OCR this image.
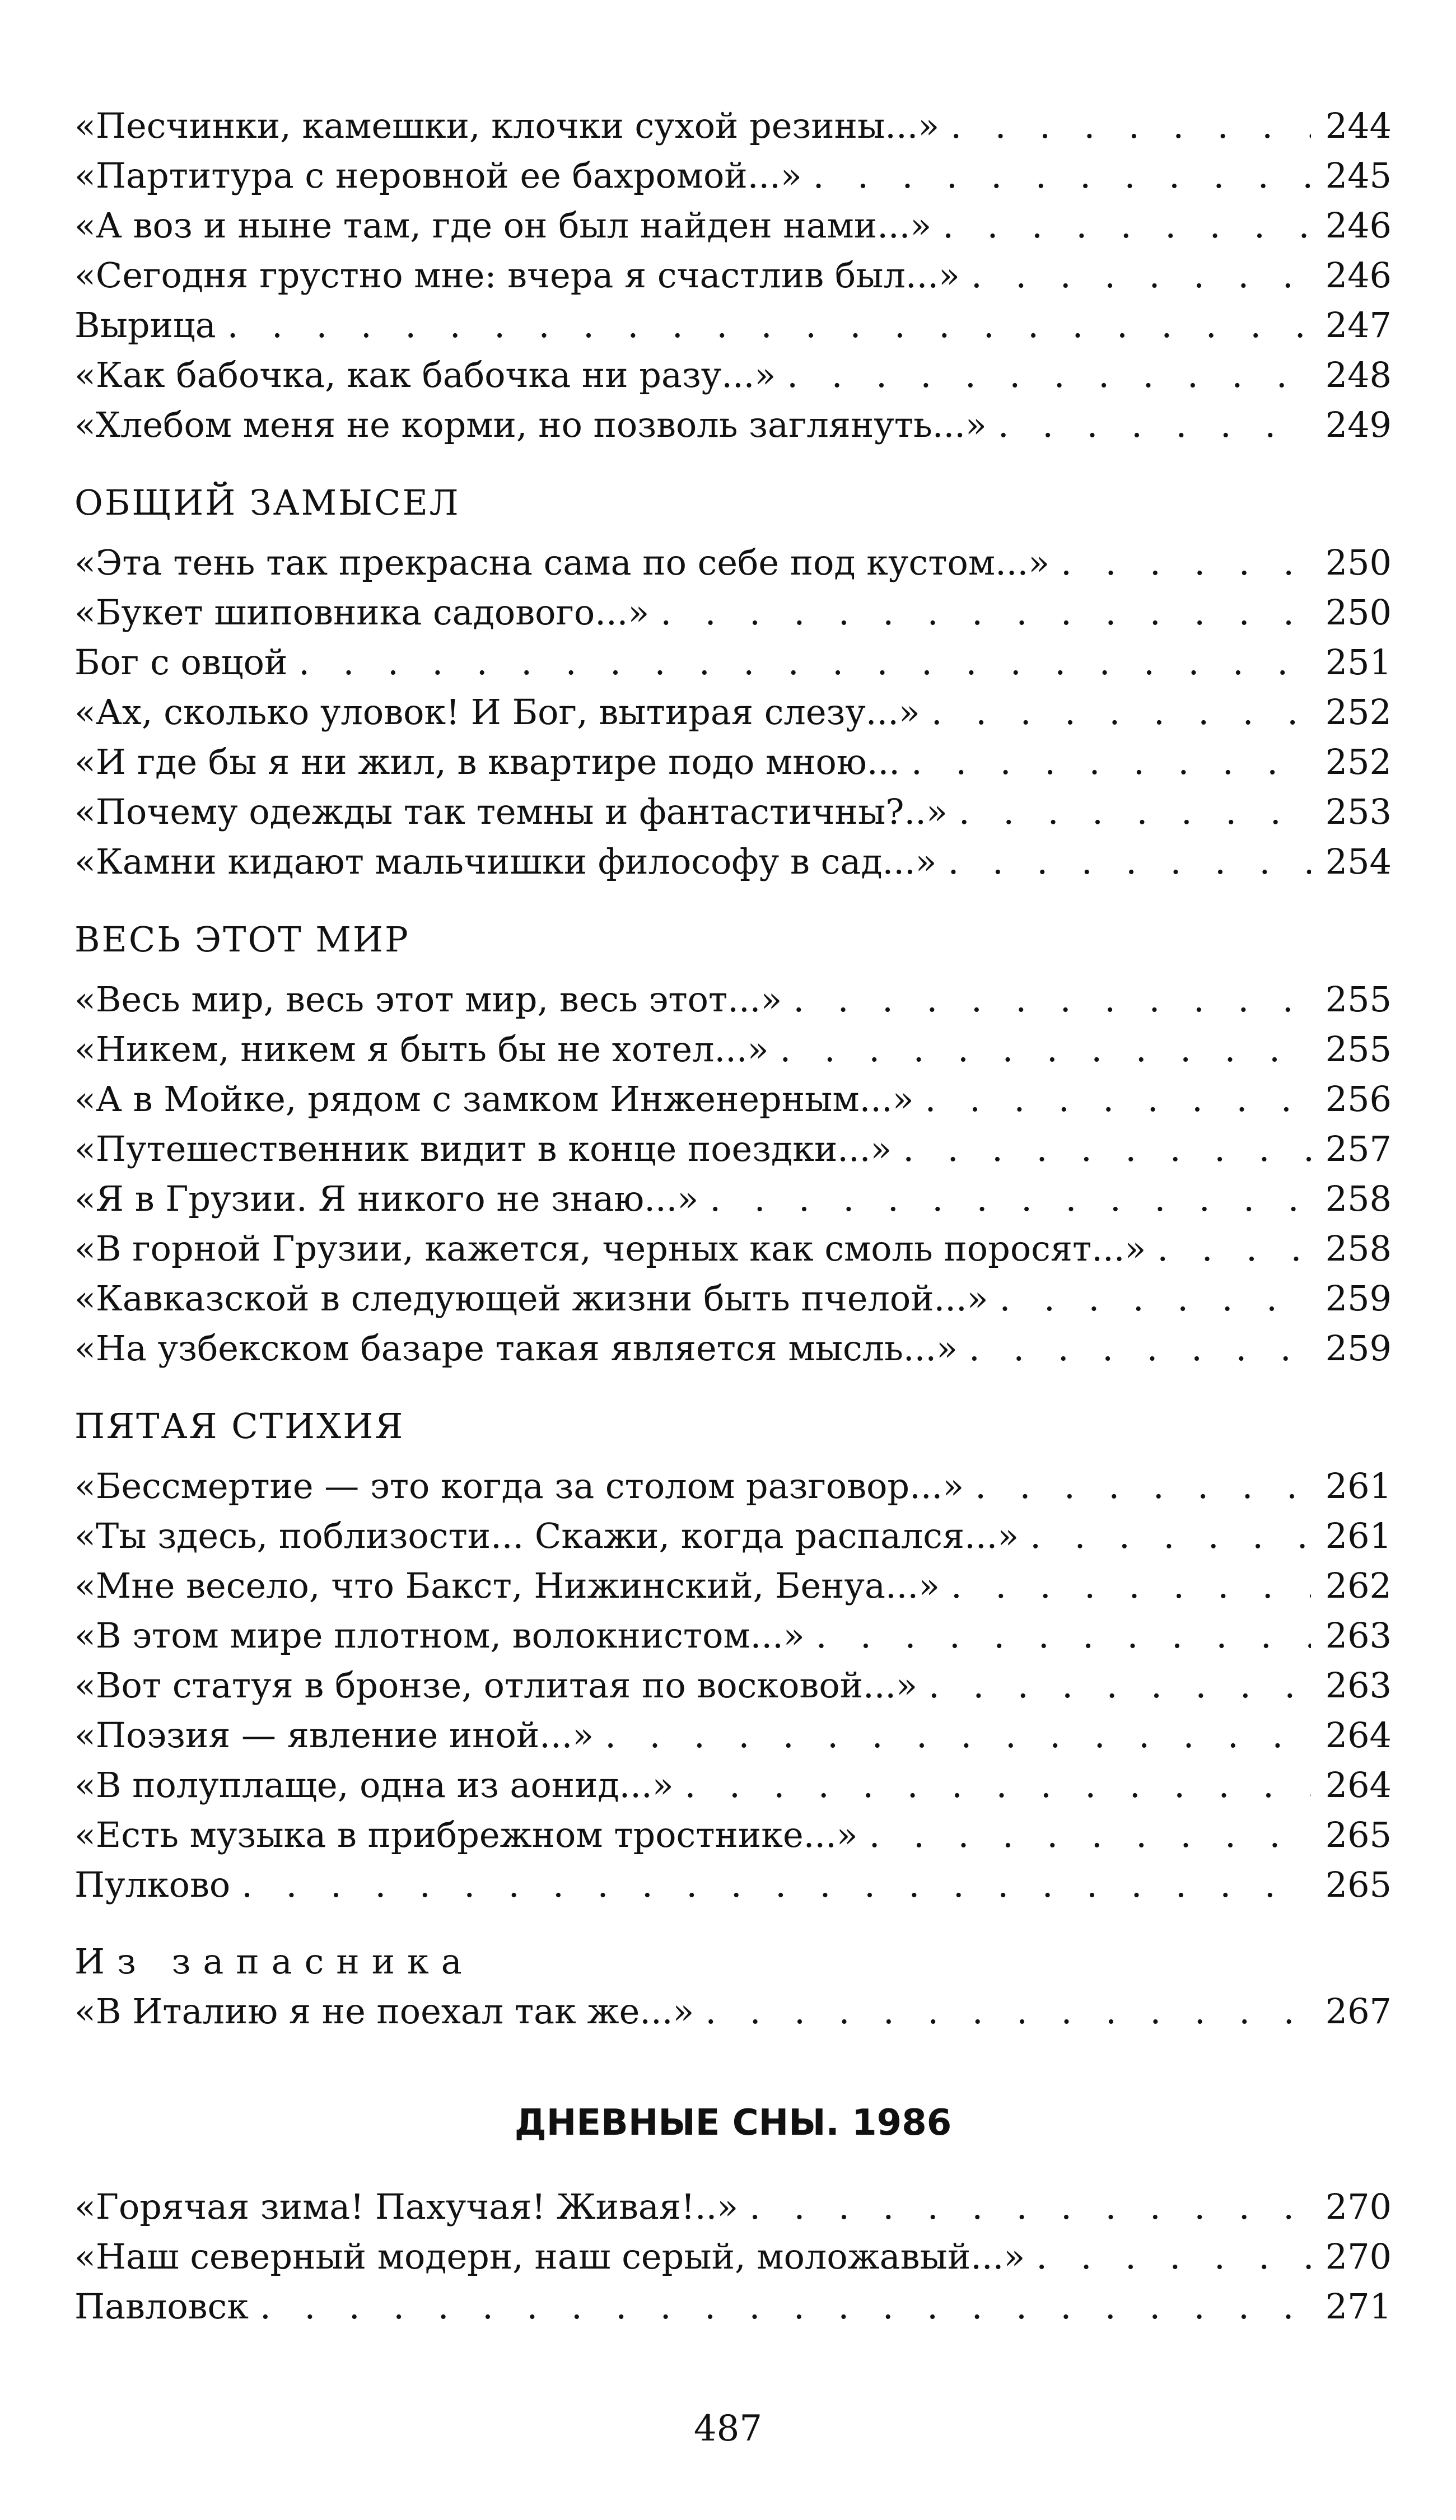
«Песчинки, камешки, клочки сухой резины...» . . .	244
«Партитура с неровной ее бахромой...» . . .	245
«А воз и ныне там, где он был найден нами...» . . .	246
«Сегодня грустно мне: вчера я счастлив был...» . . .	246
Вырица . . .	247
«Как бабочка, как бабочка ни разу...» . . .	248
«Хлебом меня не корми, но позволь заглянуть...» . . .	249
ОБЩИЙ ЗАМЫСЕЛ
«Эта тень так прекрасна сама по себе под кустом...» . . .	250
«Букет шиповника садового...» . . .	250
Бог с овцой . . .	251
«Ах, сколько уловок! И Бог, вытирая слезу...» . . .	252
«И где бы я ни жил, в квартире подо мною... . . .	252
«Почему одежды так темны и фантастичны?..» . . .	253
«Камни кидают мальчишки философу в сад...» . . .	254
ВЕСЬ ЭТОТ МИР
«Весь мир, весь этот мир, весь этот...» . . .	255
«Никем, никем я быть бы не хотел...» . . .	255
«А в Мойке, рядом с замком Инженерным...» . . .	256
«Путешественник видит в конце поездки...» . . .	257
«Я в Грузии. Я никого не знаю...» . . .	258
«В горной Грузии, кажется, черных как смоль поросят...» . . .	258
«Кавказской в следующей жизни быть пчелой...» . . .	259
«На узбекском базаре такая является мысль...» . . .	259
ПЯТАЯ СТИХИЯ
«Бессмертие — это когда за столом разговор...» . . .	261
«Ты здесь, поблизости... Скажи, когда распался...» . . .	261
«Мне весело, что Бакст, Нижинский, Бенуа...» . . .	262
«В этом мире плотном, волокнистом...» . . .	263
«Вот статуя в бронзе, отлитая по восковой...» . . .	263
«Поэзия — явление иной...» . . .	264
«В полуплаще, одна из аонид...» . . .	264
«Есть музыка в прибрежном тростнике...» . . .	265
Пулково . . .	265
Из запасника
«В Италию я не поехал так же...» . . .	267
ДНЕВНЫЕ СНЫ. 1986
«Горячая зима! Пахучая! Живая!..» . . .	270
«Наш северный модерн, наш серый, моложавый...» . . .	270
Павловск . . .	271
487
